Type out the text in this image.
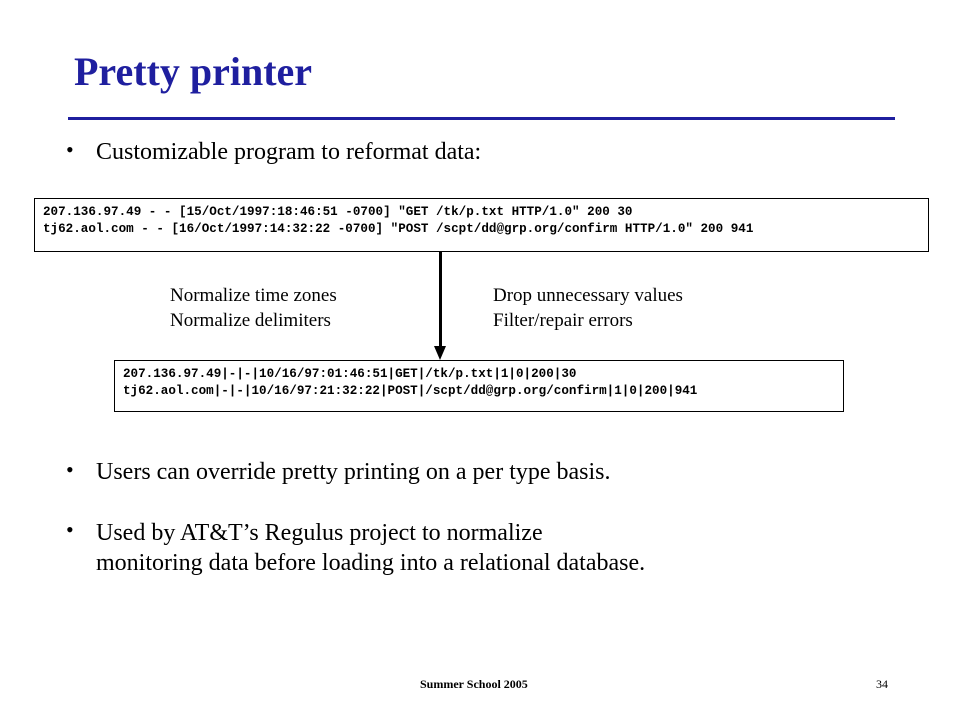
Pretty printer
• Customizable program to reformat data:
207.136.97.49 - - [15/Oct/1997:18:46:51 -0700] "GET /tk/p.txt HTTP/1.0" 200 30
tj62.aol.com - - [16/Oct/1997:14:32:22 -0700] "POST /scpt/dd@grp.org/confirm HTTP/1.0" 200 941
Normalize time zones
Normalize delimiters
Drop unnecessary values
Filter/repair errors
207.136.97.49|-|-|10/16/97:01:46:51|GET|/tk/p.txt|1|0|200|30
tj62.aol.com|-|-|10/16/97:21:32:22|POST|/scpt/dd@grp.org/confirm|1|0|200|941
• Users can override pretty printing on a per type basis.
• Used by AT&T’s Regulus project to normalize
monitoring data before loading into a relational database.
Summer School 2005	34
